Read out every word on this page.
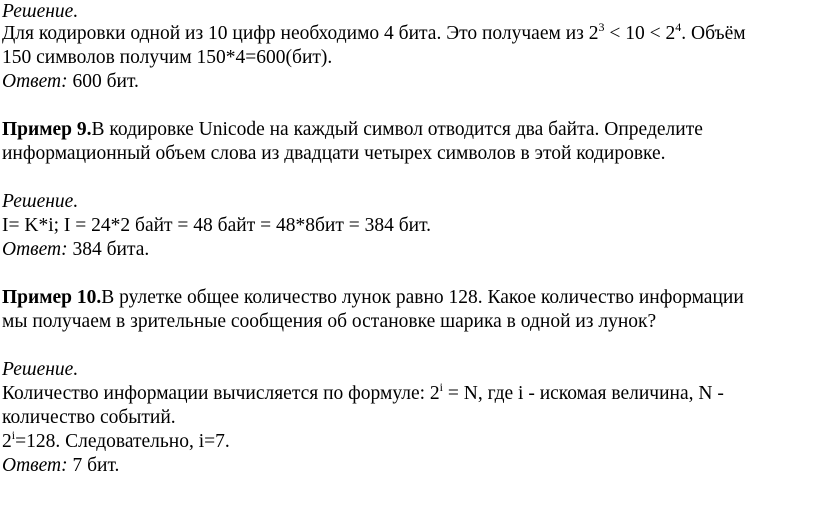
Решение.
Для кодировки одной из 10 цифр необходимо 4 бита. Это получаем из $2^3 < 10 < 2^4$. Объём
150 символов получим 150*4=600(бит).
Ответ: 600 бит.
Пример 9.В кодировке Unicode на каждый символ отводится два байта. Определите
информационный объем слова из двадцати четырех символов в этой кодировке.
Решение.
I= K*i; I = 24*2 байт = 48 байт = 48*8бит = 384 бит.
Ответ: 384 бита.
Пример 10.В рулетке общее количество лунок равно 128. Какое количество информации
мы получаем в зрительные сообщения об остановке шарика в одной из лунок?
Решение.
Количество информации вычисляется по формуле: $2^i = N$, где i - искомая величина, N -
количество событий.
$2^i=128$. Следовательно, i=7.
Ответ: 7 бит.
